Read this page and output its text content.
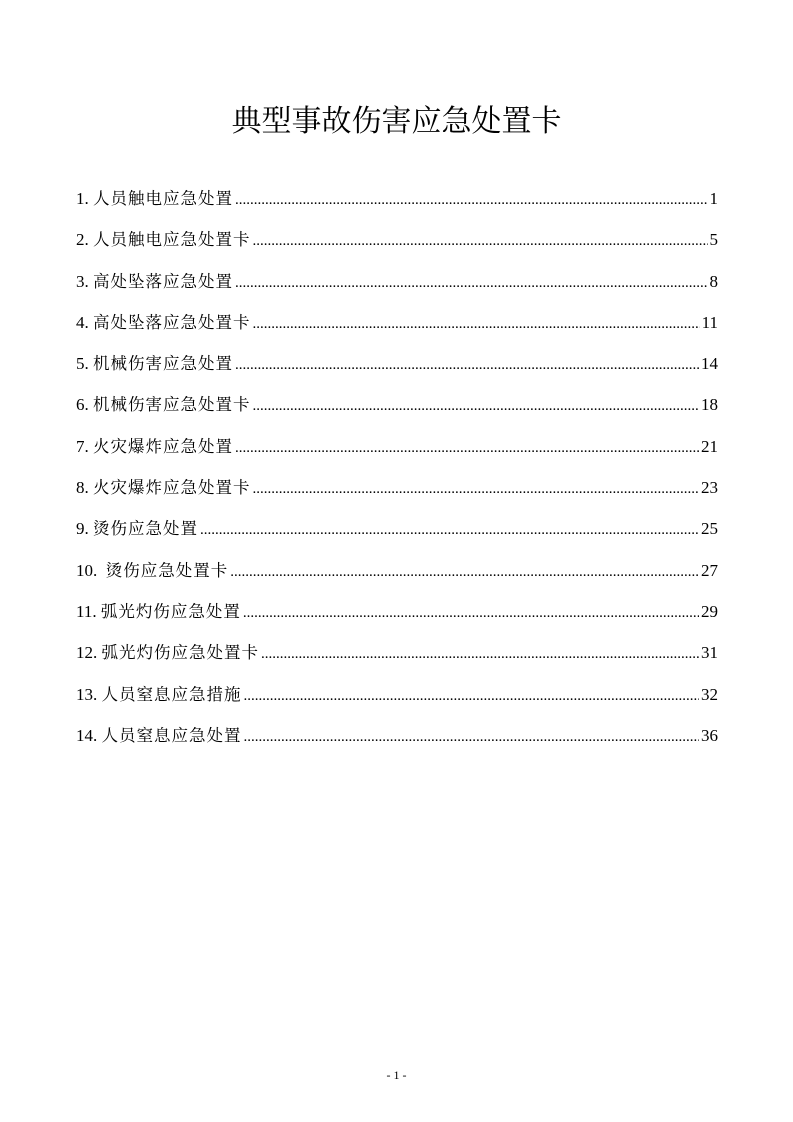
典型事故伤害应急处置卡
1. 人员触电应急处置 .....	1
2. 人员触电应急处置卡 .....	5
3. 高处坠落应急处置 .....	8
4. 高处坠落应急处置卡 .....	11
5. 机械伤害应急处置 .....	14
6. 机械伤害应急处置卡 .....	18
7. 火灾爆炸应急处置 .....	21
8. 火灾爆炸应急处置卡 .....	23
9. 烫伤应急处置 .....	25
10. 烫伤应急处置卡 .....	27
11. 弧光灼伤应急处置 .....	29
12. 弧光灼伤应急处置卡 .....	31
13. 人员窒息应急措施 .....	32
14. 人员窒息应急处置 .....	36
- 1 -
